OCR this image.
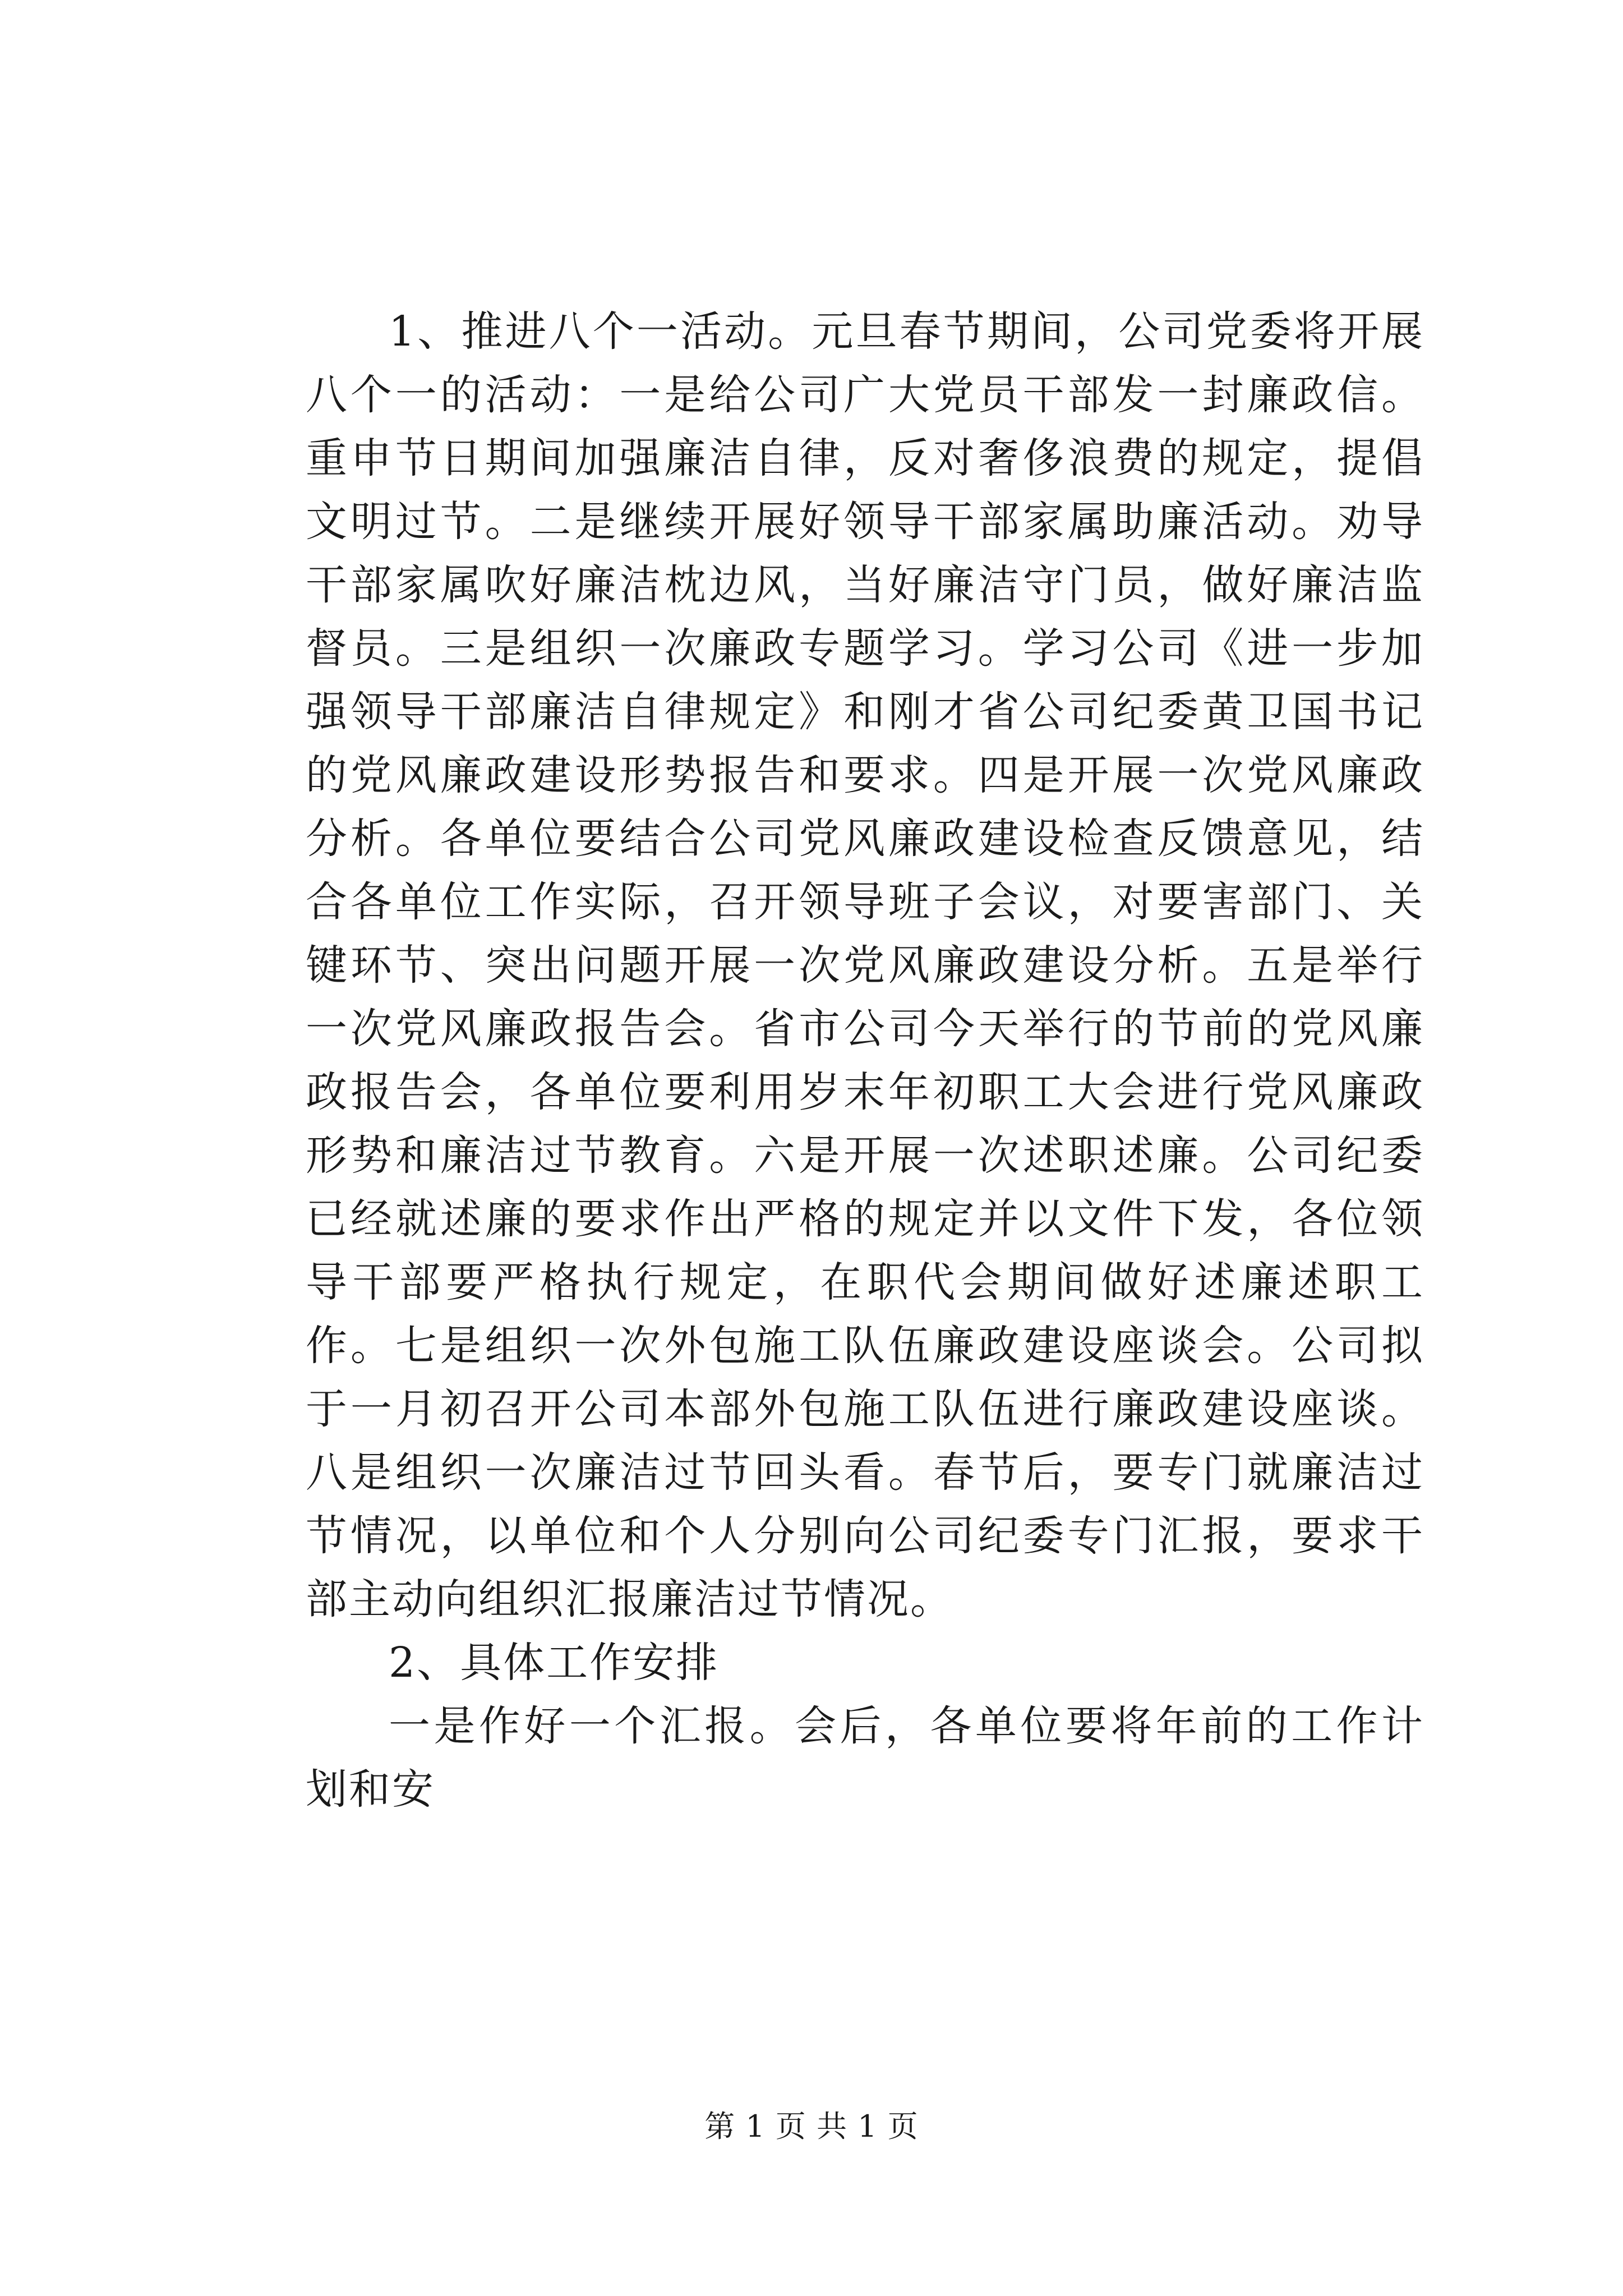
1、推进八个一活动。元旦春节期间，公司党委将开展八个一的活动：一是给公司广大党员干部发一封廉政信。重申节日期间加强廉洁自律，反对奢侈浪费的规定，提倡文明过节。二是继续开展好领导干部家属助廉活动。劝导干部家属吹好廉洁枕边风，当好廉洁守门员，做好廉洁监督员。三是组织一次廉政专题学习。学习公司《进一步加强领导干部廉洁自律规定》和刚才省公司纪委黄卫国书记的党风廉政建设形势报告和要求。四是开展一次党风廉政分析。各单位要结合公司党风廉政建设检查反馈意见，结合各单位工作实际，召开领导班子会议，对要害部门、关键环节、突出问题开展一次党风廉政建设分析。五是举行一次党风廉政报告会。省市公司今天举行的节前的党风廉政报告会，各单位要利用岁末年初职工大会进行党风廉政形势和廉洁过节教育。六是开展一次述职述廉。公司纪委已经就述廉的要求作出严格的规定并以文件下发，各位领导干部要严格执行规定，在职代会期间做好述廉述职工作。七是组织一次外包施工队伍廉政建设座谈会。公司拟于一月初召开公司本部外包施工队伍进行廉政建设座谈。八是组织一次廉洁过节回头看。春节后，要专门就廉洁过节情况，以单位和个人分别向公司纪委专门汇报，要求干部主动向组织汇报廉洁过节情况。

2、具体工作安排

一是作好一个汇报。会后，各单位要将年前的工作计划和安

第 1 页 共 1 页
